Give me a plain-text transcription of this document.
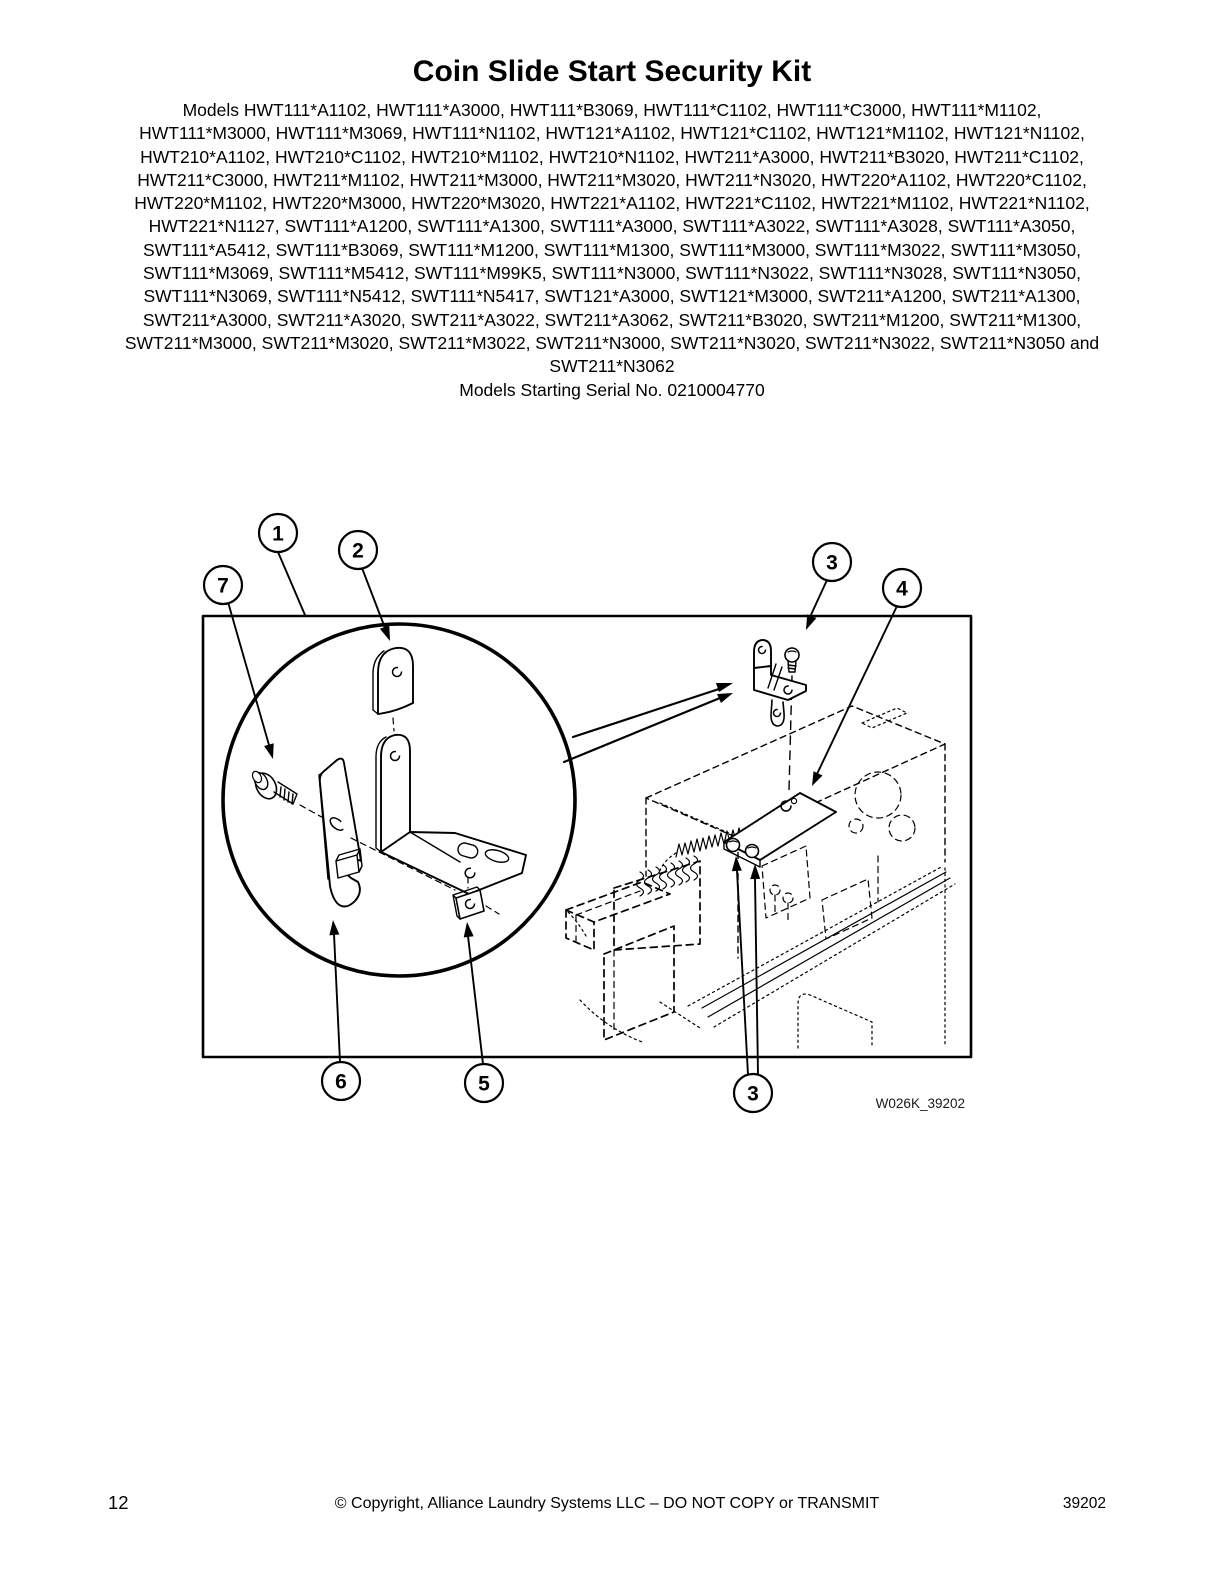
Coin Slide Start Security Kit
Models HWT111*A1102, HWT111*A3000, HWT111*B3069, HWT111*C1102, HWT111*C3000, HWT111*M1102,
HWT111*M3000, HWT111*M3069, HWT111*N1102, HWT121*A1102, HWT121*C1102, HWT121*M1102, HWT121*N1102,
HWT210*A1102, HWT210*C1102, HWT210*M1102, HWT210*N1102, HWT211*A3000, HWT211*B3020, HWT211*C1102,
HWT211*C3000, HWT211*M1102, HWT211*M3000, HWT211*M3020, HWT211*N3020, HWT220*A1102, HWT220*C1102,
HWT220*M1102, HWT220*M3000, HWT220*M3020, HWT221*A1102, HWT221*C1102, HWT221*M1102, HWT221*N1102,
HWT221*N1127, SWT111*A1200, SWT111*A1300, SWT111*A3000, SWT111*A3022, SWT111*A3028, SWT111*A3050,
SWT111*A5412, SWT111*B3069, SWT111*M1200, SWT111*M1300, SWT111*M3000, SWT111*M3022, SWT111*M3050,
SWT111*M3069, SWT111*M5412, SWT111*M99K5, SWT111*N3000, SWT111*N3022, SWT111*N3028, SWT111*N3050,
SWT111*N3069, SWT111*N5412, SWT111*N5417, SWT121*A3000, SWT121*M3000, SWT211*A1200, SWT211*A1300,
SWT211*A3000, SWT211*A3020, SWT211*A3022, SWT211*A3062, SWT211*B3020, SWT211*M1200, SWT211*M1300,
SWT211*M3000, SWT211*M3020, SWT211*M3022, SWT211*N3000, SWT211*N3020, SWT211*N3022, SWT211*N3050 and
SWT211*N3062
Models Starting Serial No. 0210004770
1
2
7
3
4
6	5	3	W026K_39202
12	© Copyright, Alliance Laundry Systems LLC – DO NOT COPY or TRANSMIT	39202
